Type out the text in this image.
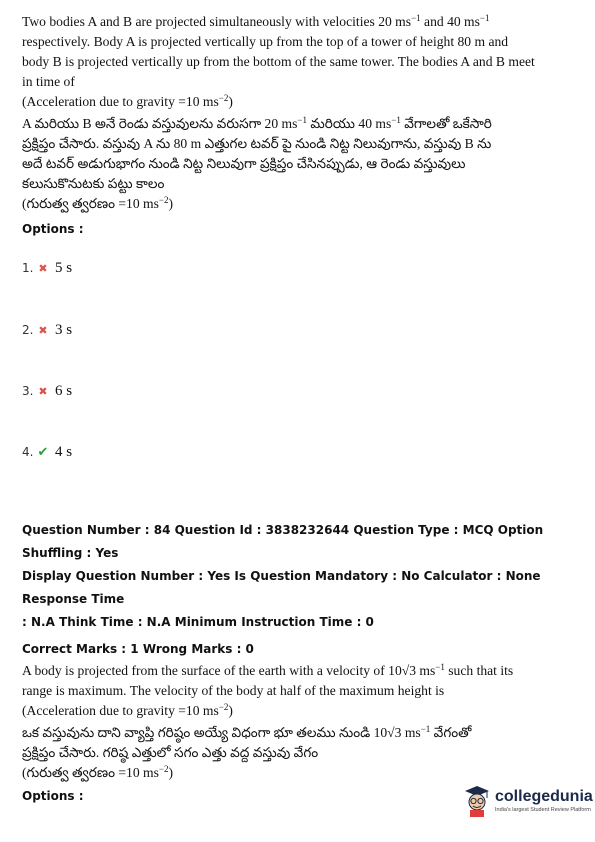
Two bodies A and B are projected simultaneously with velocities 20 $ms^{-1}$ and 40 $ms^{-1}$
respectively. Body A is projected vertically up from the top of a tower of height 80 m and
body B is projected vertically up from the bottom of the same tower. The bodies A and B meet
in time of
(Acceleration due to gravity =10 $ms^{-2}$)
A మరియు B అనే రెండు వస్తువులను వరుసగా 20 $ms^{-1}$ మరియు 40 $ms^{-1}$ వేగాలతో ఒకేసారి
ప్రక్షిప్తం చేసారు. వస్తువు A ను 80 m ఎత్తుగల టవర్ పై నుండి నిట్ట నిలువుగాను, వస్తువు B ను
అదే టవర్ అడుగుభాగం నుండి నిట్ట నిలువుగా ప్రక్షిప్తం చేసినప్పుడు, ఆ రెండు వస్తువులు
కలుసుకొనుటకు పట్టు కాలం
(గురుత్వ త్వరణం =10 $ms^{-2}$)
Options :
1. ✖ 5 s
2. ✖ 3 s
3. ✖ 6 s
4. ✔ 4 s
Question Number : 84 Question Id : 3838232644 Question Type : MCQ Option Shuffling : Yes
Display Question Number : Yes Is Question Mandatory : No Calculator : None Response Time
: N.A Think Time : N.A Minimum Instruction Time : 0
Correct Marks : 1 Wrong Marks : 0
A body is projected from the surface of the earth with a velocity of 10√3 $ms^{-1}$ such that its
range is maximum. The velocity of the body at half of the maximum height is
(Acceleration due to gravity =10 $ms^{-2}$)
ఒక వస్తువును దాని వ్యాప్తి గరిష్ఠం అయ్యే విధంగా భూ తలము నుండి 10√3 $ms^{-1}$ వేగంతో
ప్రక్షిప్తం చేసారు. గరిష్ఠ ఎత్తులో సగం ఎత్తు వద్ద వస్తువు వేగం
(గురుత్వ త్వరణం =10 $ms^{-2}$)
Options :	collegedunia
India's largest Student Review Platform
